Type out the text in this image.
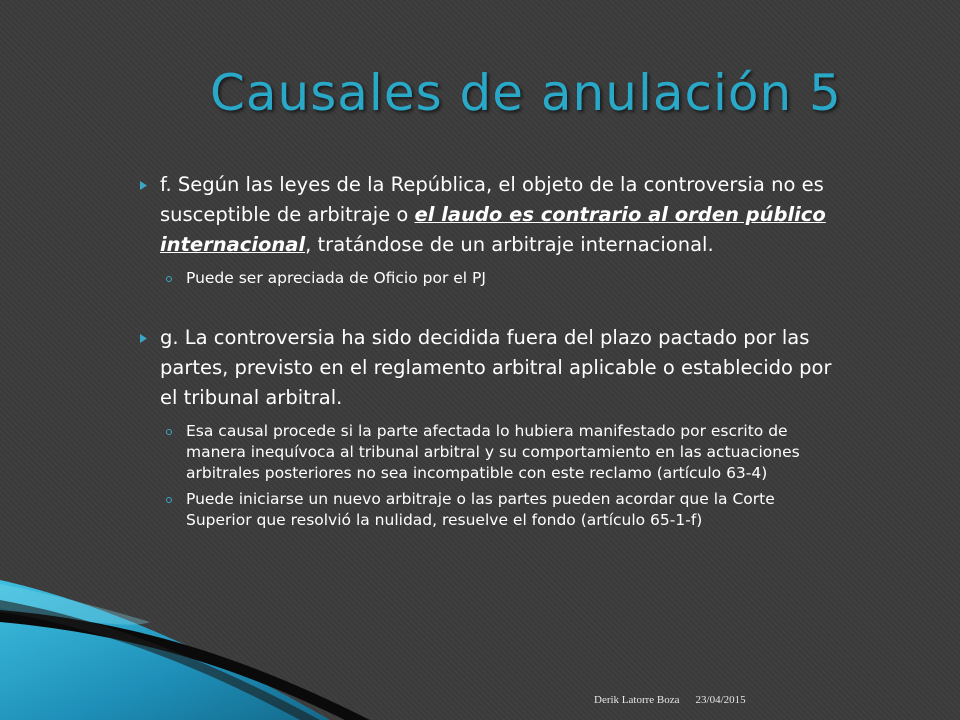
Causales de anulación 5
f. Según las leyes de la República, el objeto de la controversia no es susceptible de arbitraje o el laudo es contrario al orden público internacional, tratándose de un arbitraje internacional.
Puede ser apreciada de Oficio por el PJ
g. La controversia ha sido decidida fuera del plazo pactado por las partes, previsto en el reglamento arbitral aplicable o establecido por el tribunal arbitral.
Esa causal procede si la parte afectada lo hubiera manifestado por escrito de manera inequívoca al tribunal arbitral y su comportamiento en las actuaciones arbitrales posteriores no sea incompatible con este reclamo (artículo 63-4)
Puede iniciarse un nuevo arbitraje o las partes pueden acordar que la Corte Superior que resolvió la nulidad, resuelve el fondo (artículo 65-1-f)
Derik Latorre Boza 23/04/2015
